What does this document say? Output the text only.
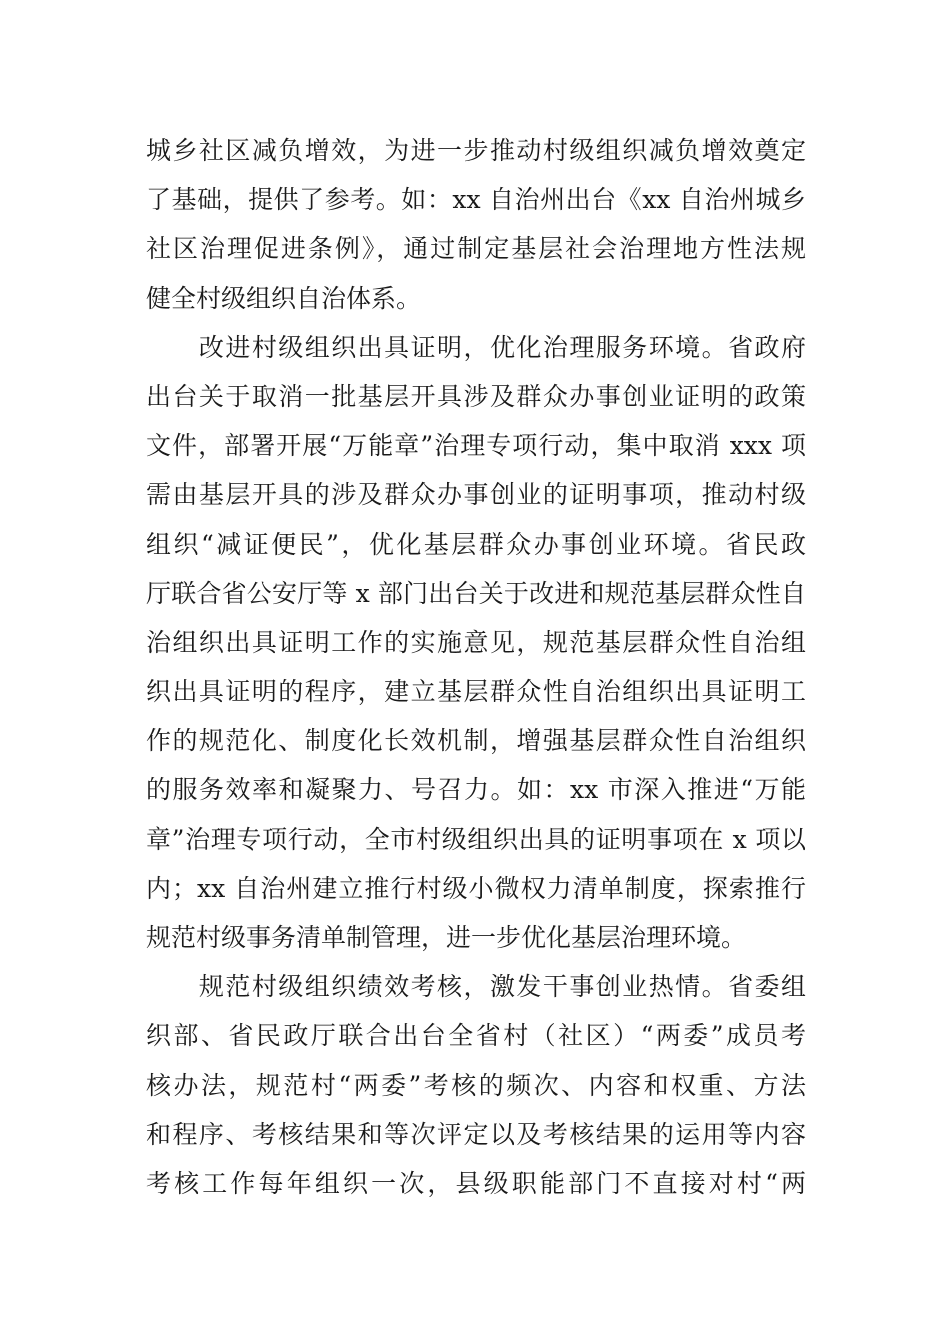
城乡社区减负增效，为进一步推动村级组织减负增效奠定
了基础，提供了参考。如：xx 自治州出台《xx 自治州城乡
社区治理促进条例》，通过制定基层社会治理地方性法规
健全村级组织自治体系。
　　改进村级组织出具证明，优化治理服务环境。省政府
出台关于取消一批基层开具涉及群众办事创业证明的政策
文件，部署开展“万能章”治理专项行动，集中取消 xxx 项
需由基层开具的涉及群众办事创业的证明事项，推动村级
组织“减证便民”，优化基层群众办事创业环境。省民政
厅联合省公安厅等 x 部门出台关于改进和规范基层群众性自
治组织出具证明工作的实施意见，规范基层群众性自治组
织出具证明的程序，建立基层群众性自治组织出具证明工
作的规范化、制度化长效机制，增强基层群众性自治组织
的服务效率和凝聚力、号召力。如：xx 市深入推进“万能
章”治理专项行动，全市村级组织出具的证明事项在 x 项以
内；xx 自治州建立推行村级小微权力清单制度，探索推行
规范村级事务清单制管理，进一步优化基层治理环境。
　　规范村级组织绩效考核，激发干事创业热情。省委组
织部、省民政厅联合出台全省村（社区）“两委”成员考
核办法，规范村“两委”考核的频次、内容和权重、方法
和程序、考核结果和等次评定以及考核结果的运用等内容
考核工作每年组织一次，县级职能部门不直接对村“两
